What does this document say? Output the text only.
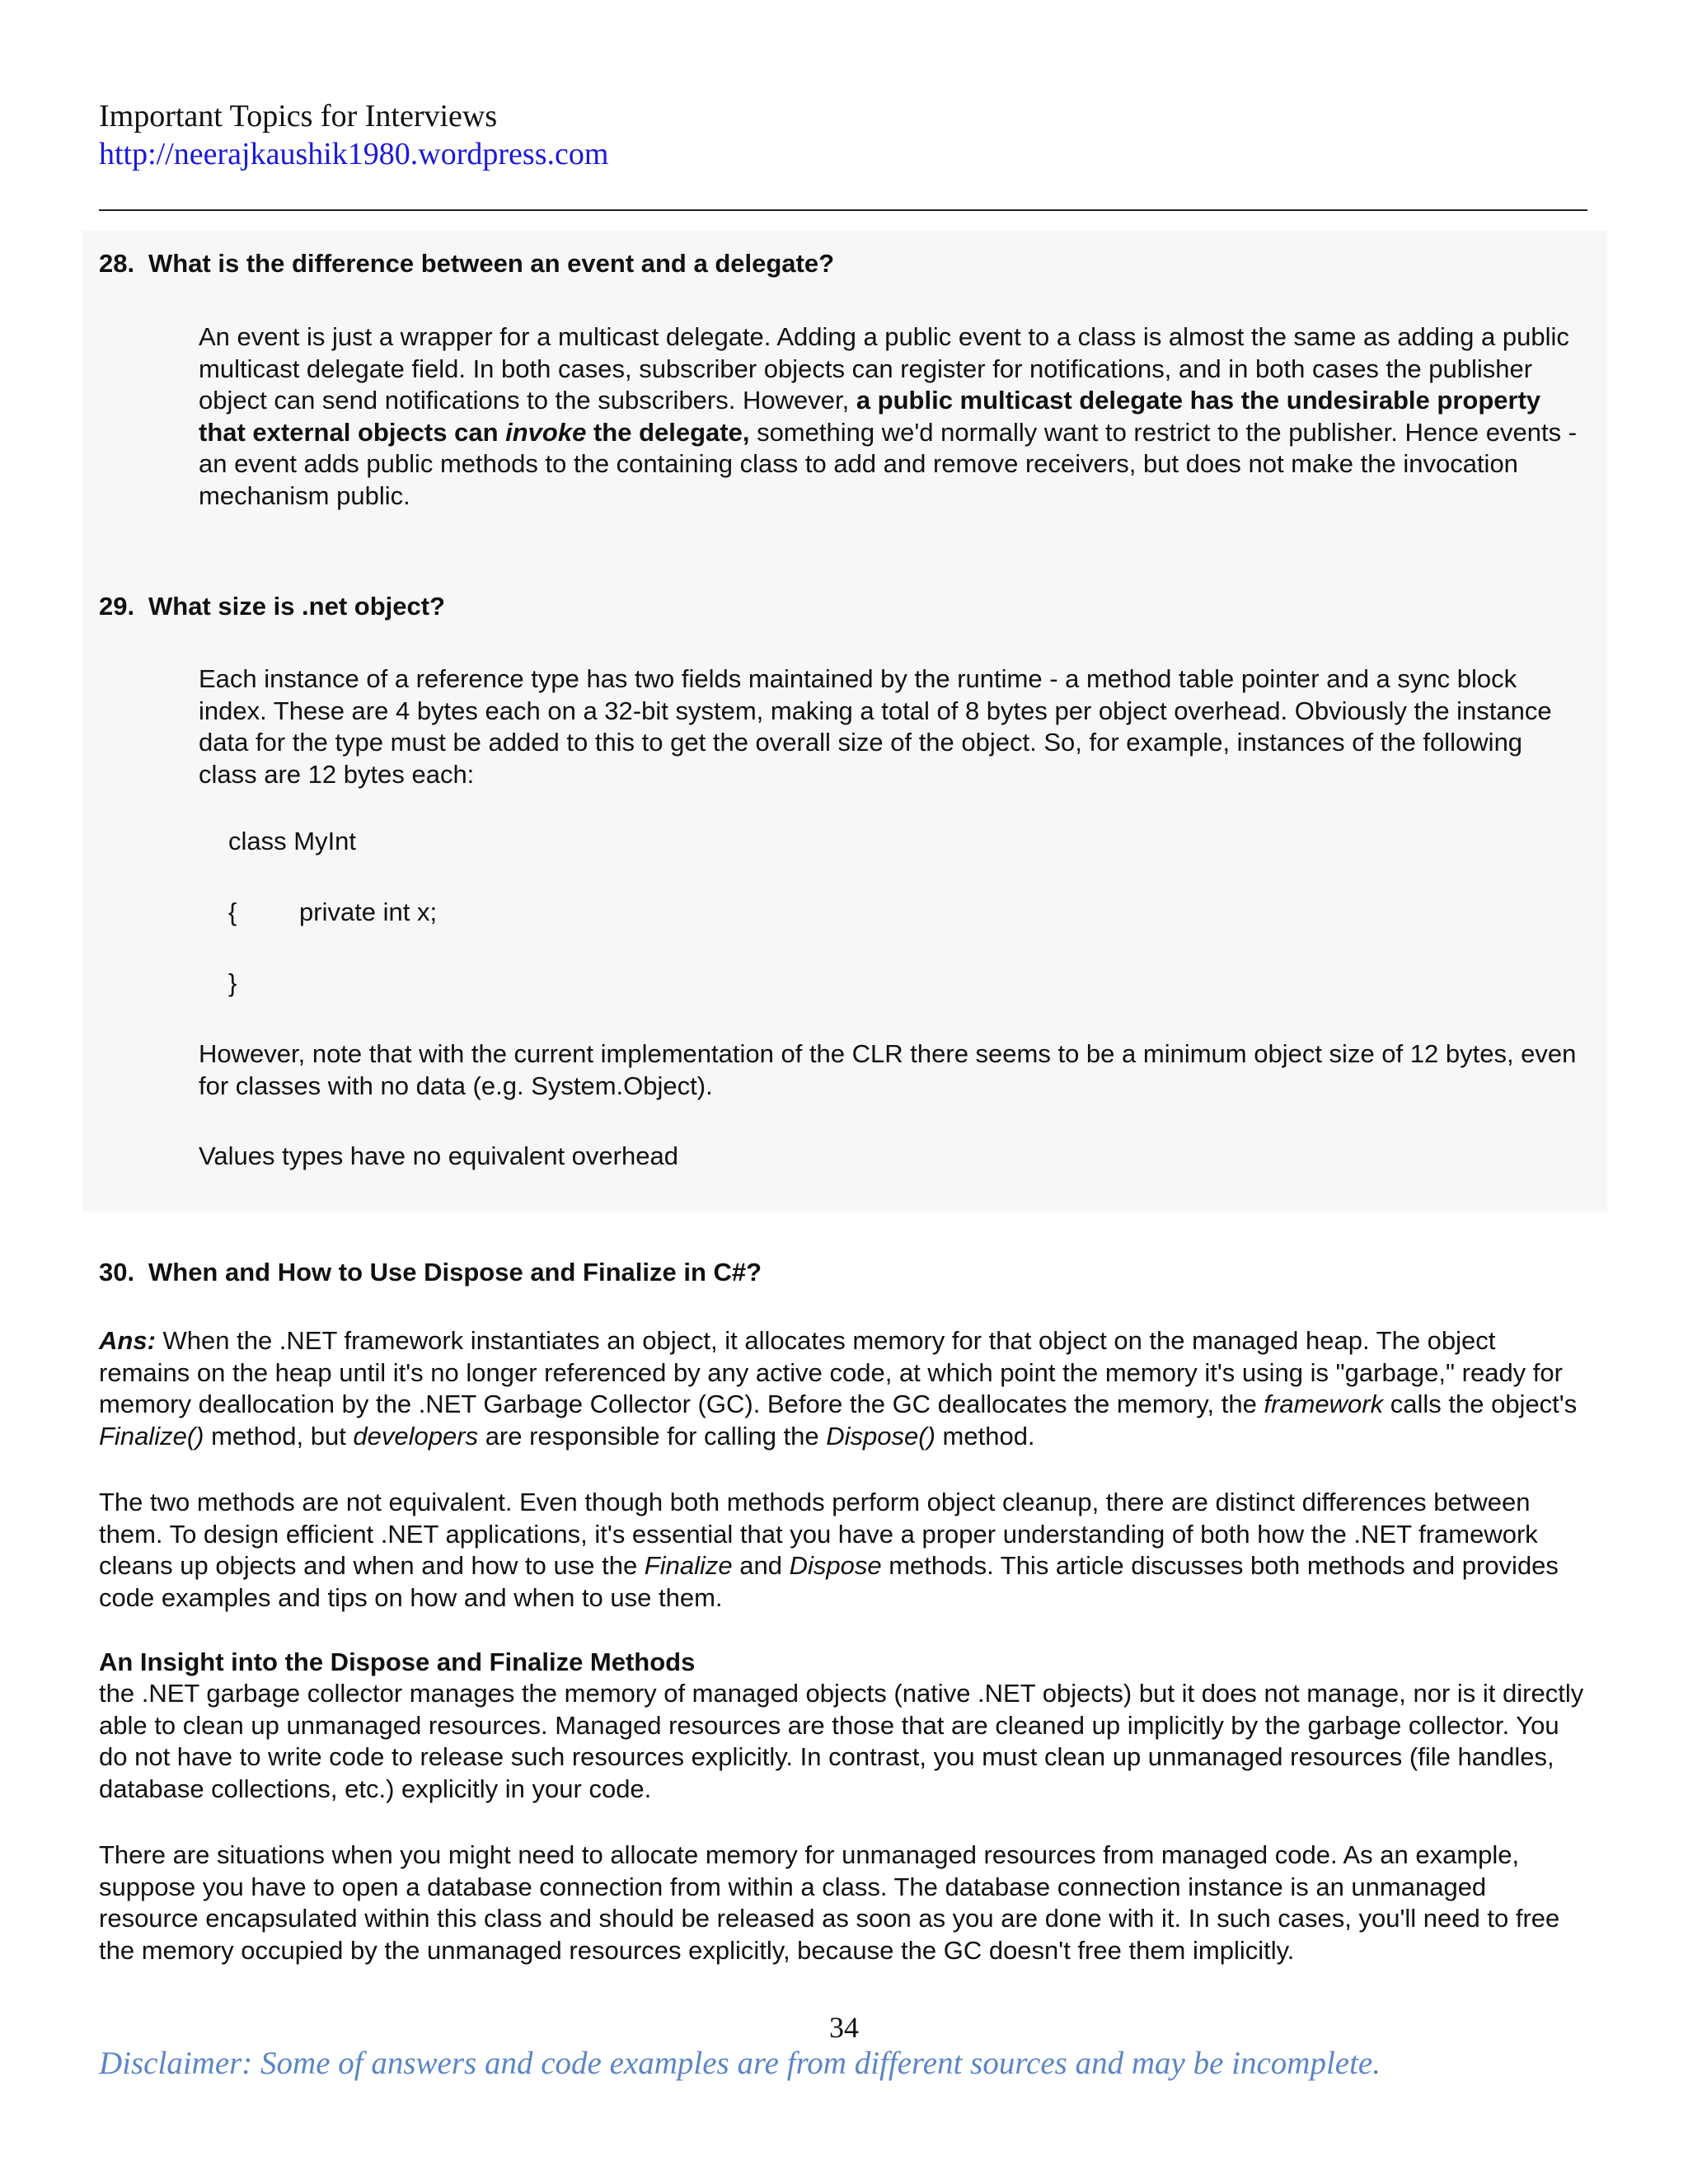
Important Topics for Interviews
http://neerajkaushik1980.wordpress.com
28. What is the difference between an event and a delegate?

An event is just a wrapper for a multicast delegate. Adding a public event to a class is almost the same as adding a public multicast delegate field. In both cases, subscriber objects can register for notifications, and in both cases the publisher object can send notifications to the subscribers. However, a public multicast delegate has the undesirable property that external objects can invoke the delegate, something we'd normally want to restrict to the publisher. Hence events - an event adds public methods to the containing class to add and remove receivers, but does not make the invocation mechanism public.

29. What size is .net object?

Each instance of a reference type has two fields maintained by the runtime - a method table pointer and a sync block index. These are 4 bytes each on a 32-bit system, making a total of 8 bytes per object overhead. Obviously the instance data for the type must be added to this to get the overall size of the object. So, for example, instances of the following class are 12 bytes each:

class MyInt
{ private int x;
}

However, note that with the current implementation of the CLR there seems to be a minimum object size of 12 bytes, even for classes with no data (e.g. System.Object).

Values types have no equivalent overhead

30. When and How to Use Dispose and Finalize in C#?

Ans: When the .NET framework instantiates an object, it allocates memory for that object on the managed heap. The object remains on the heap until it's no longer referenced by any active code, at which point the memory it's using is "garbage," ready for memory deallocation by the .NET Garbage Collector (GC). Before the GC deallocates the memory, the framework calls the object's Finalize() method, but developers are responsible for calling the Dispose() method.

The two methods are not equivalent. Even though both methods perform object cleanup, there are distinct differences between them. To design efficient .NET applications, it's essential that you have a proper understanding of both how the .NET framework cleans up objects and when and how to use the Finalize and Dispose methods. This article discusses both methods and provides code examples and tips on how and when to use them.

An Insight into the Dispose and Finalize Methods

the .NET garbage collector manages the memory of managed objects (native .NET objects) but it does not manage, nor is it directly able to clean up unmanaged resources. Managed resources are those that are cleaned up implicitly by the garbage collector. You do not have to write code to release such resources explicitly. In contrast, you must clean up unmanaged resources (file handles, database collections, etc.) explicitly in your code.

There are situations when you might need to allocate memory for unmanaged resources from managed code. As an example, suppose you have to open a database connection from within a class. The database connection instance is an unmanaged resource encapsulated within this class and should be released as soon as you are done with it. In such cases, you'll need to free the memory occupied by the unmanaged resources explicitly, because the GC doesn't free them implicitly.

34
Disclaimer: Some of answers and code examples are from different sources and may be incomplete.
